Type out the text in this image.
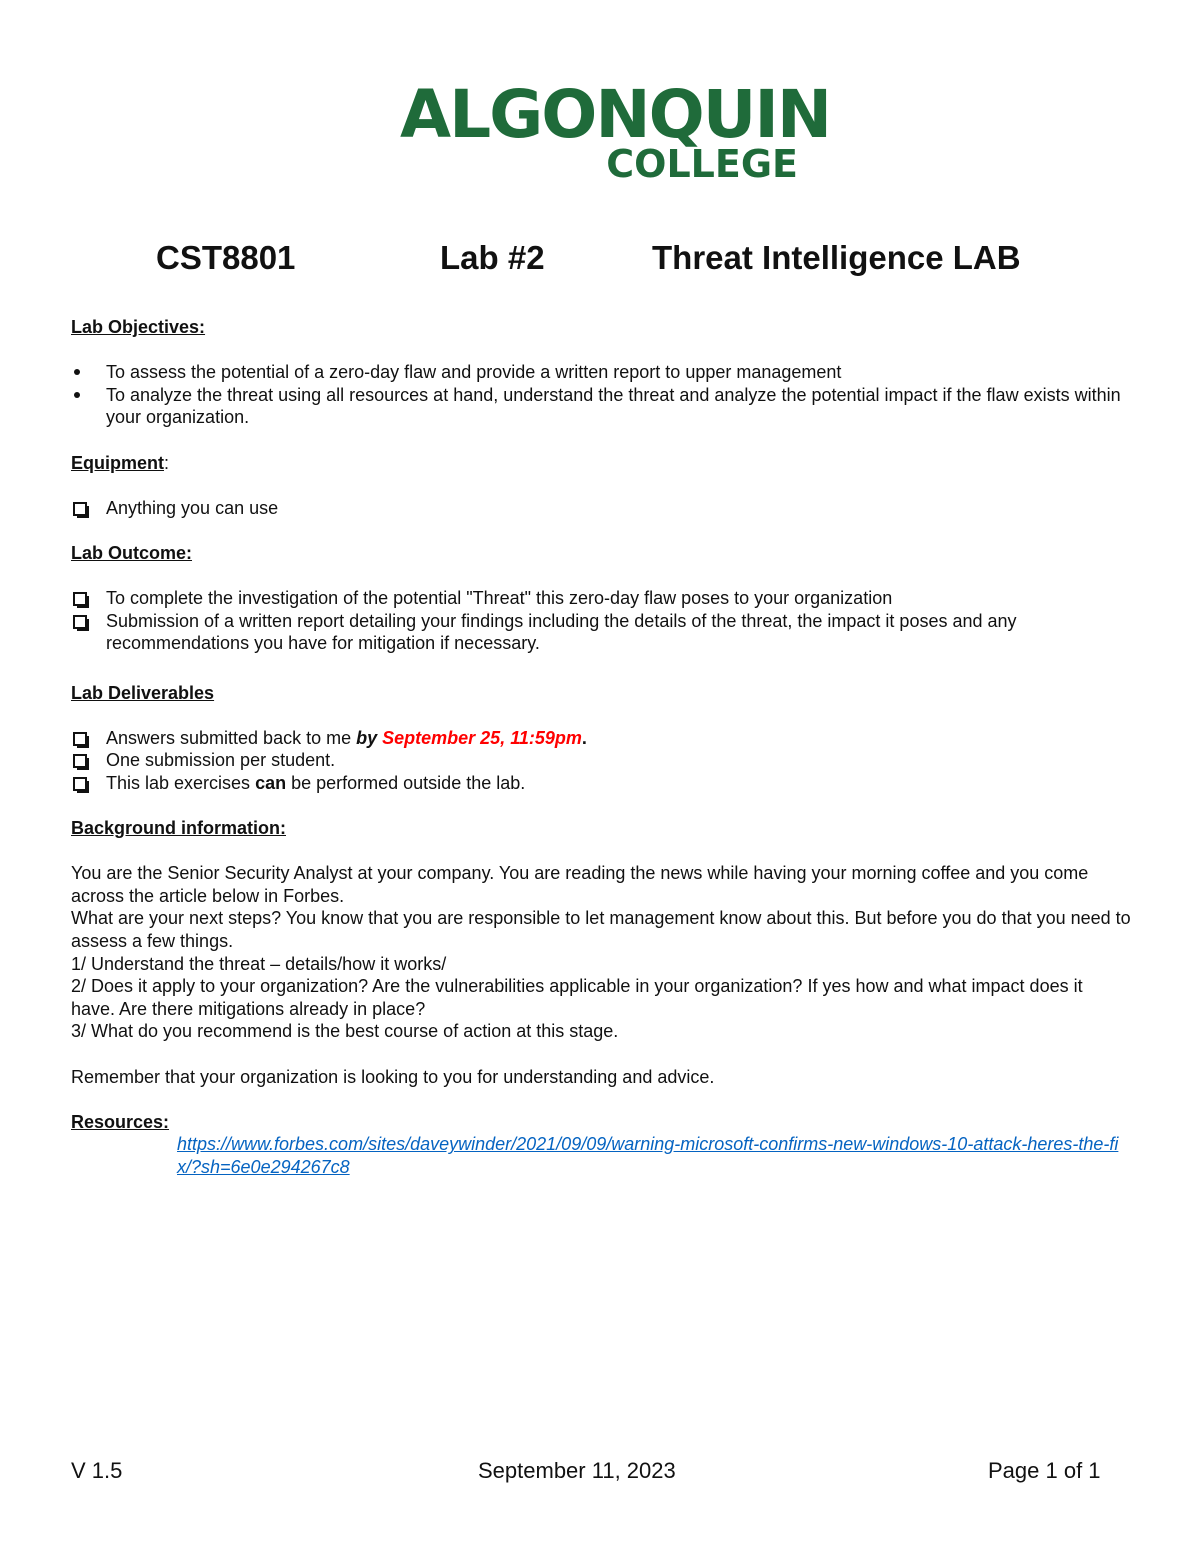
ALGONQUIN
COLLEGE
CST8801	Lab #2	Threat Intelligence LAB

Lab Objectives:

To assess the potential of a zero-day flaw and provide a written report to upper management
To analyze the threat using all resources at hand, understand the threat and analyze the potential impact if the flaw exists within your organization.

Equipment:

Anything you can use

Lab Outcome:

To complete the investigation of the potential "Threat" this zero-day flaw poses to your organization
Submission of a written report detailing your findings including the details of the threat, the impact it poses and any recommendations you have for mitigation if necessary.

Lab Deliverables

Answers submitted back to me by September 25, 11:59pm.
One submission per student.
This lab exercises can be performed outside the lab.

Background information:

You are the Senior Security Analyst at your company. You are reading the news while having your morning coffee and you come across the article below in Forbes.

What are your next steps? You know that you are responsible to let management know about this. But before you do that you need to assess a few things.

1/ Understand the threat – details/how it works/

2/ Does it apply to your organization? Are the vulnerabilities applicable in your organization? If yes how and what impact does it have. Are there mitigations already in place?

3/ What do you recommend is the best course of action at this stage.

Remember that your organization is looking to you for understanding and advice.

Resources:

https://www.forbes.com/sites/daveywinder/2021/09/09/warning-microsoft-confirms-new-windows-10-attack-heres-the-fix/?sh=6e0e294267c8
V 1.5	September 11, 2023	Page 1 of 1
